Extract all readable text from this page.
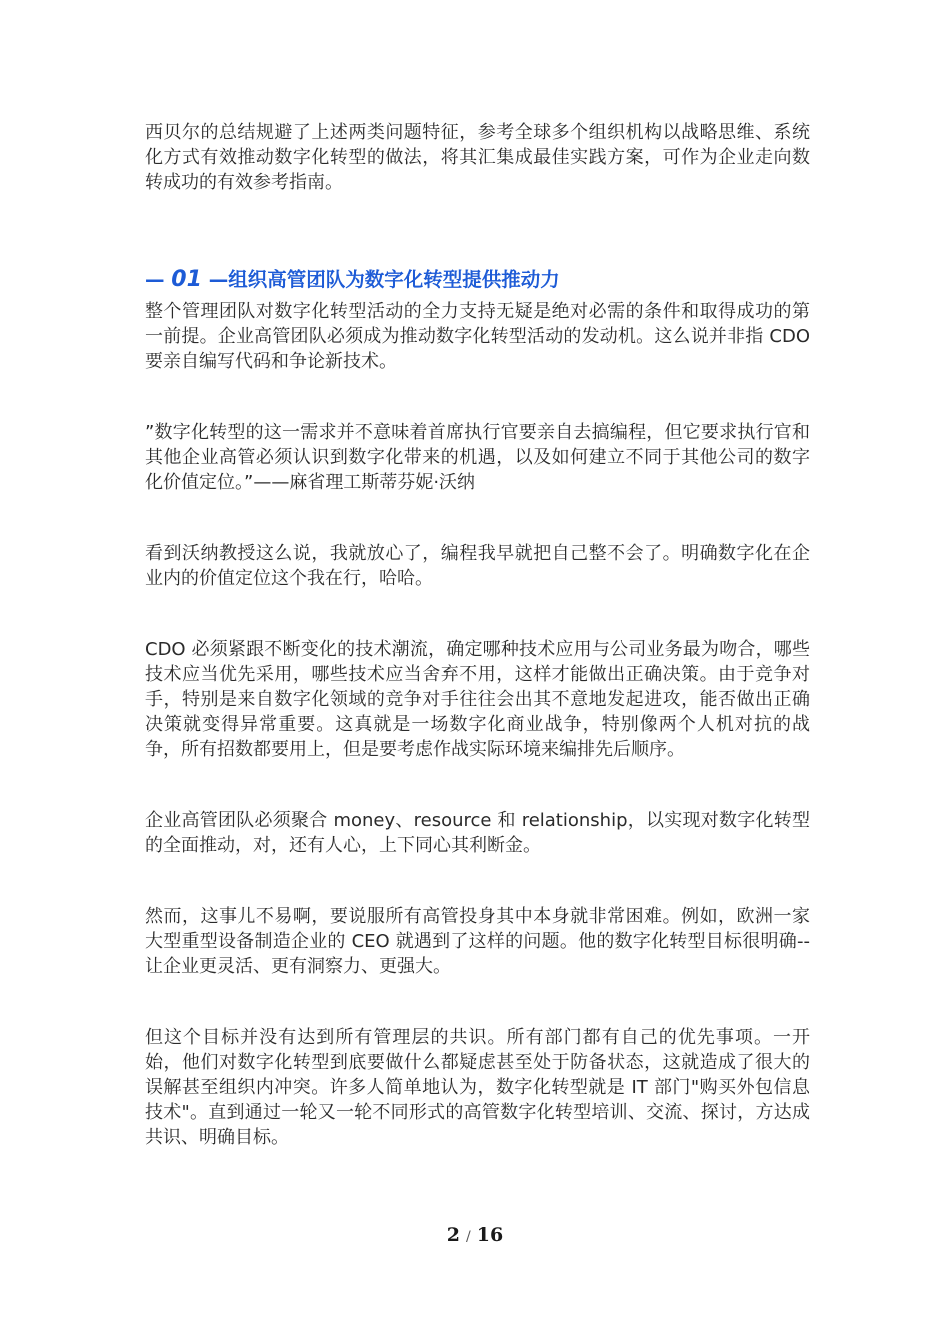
西贝尔的总结规避了上述两类问题特征，参考全球多个组织机构以战略思维、系统化方式有效推动数字化转型的做法，将其汇集成最佳实践方案，可作为企业走向数转成功的有效参考指南。

— 01 —组织高管团队为数字化转型提供推动力

整个管理团队对数字化转型活动的全力支持无疑是绝对必需的条件和取得成功的第一前提。企业高管团队必须成为推动数字化转型活动的发动机。这么说并非指 CDO 要亲自编写代码和争论新技术。

”数字化转型的这一需求并不意味着首席执行官要亲自去搞编程，但它要求执行官和其他企业高管必须认识到数字化带来的机遇，以及如何建立不同于其他公司的数字化价值定位。”——麻省理工斯蒂芬妮·沃纳

看到沃纳教授这么说，我就放心了，编程我早就把自己整不会了。明确数字化在企业内的价值定位这个我在行，哈哈。

CDO 必须紧跟不断变化的技术潮流，确定哪种技术应用与公司业务最为吻合，哪些技术应当优先采用，哪些技术应当舍弃不用，这样才能做出正确决策。由于竞争对手，特别是来自数字化领域的竞争对手往往会出其不意地发起进攻，能否做出正确决策就变得异常重要。这真就是一场数字化商业战争，特别像两个人机对抗的战争，所有招数都要用上，但是要考虑作战实际环境来编排先后顺序。

企业高管团队必须聚合 money、resource 和 relationship，以实现对数字化转型的全面推动，对，还有人心，上下同心其利断金。

然而，这事儿不易啊，要说服所有高管投身其中本身就非常困难。例如，欧洲一家大型重型设备制造企业的 CEO 就遇到了这样的问题。他的数字化转型目标很明确--让企业更灵活、更有洞察力、更强大。

但这个目标并没有达到所有管理层的共识。所有部门都有自己的优先事项。一开始，他们对数字化转型到底要做什么都疑虑甚至处于防备状态，这就造成了很大的误解甚至组织内冲突。许多人简单地认为，数字化转型就是 IT 部门"购买外包信息技术"。直到通过一轮又一轮不同形式的高管数字化转型培训、交流、探讨，方达成共识、明确目标。

2 / 16
